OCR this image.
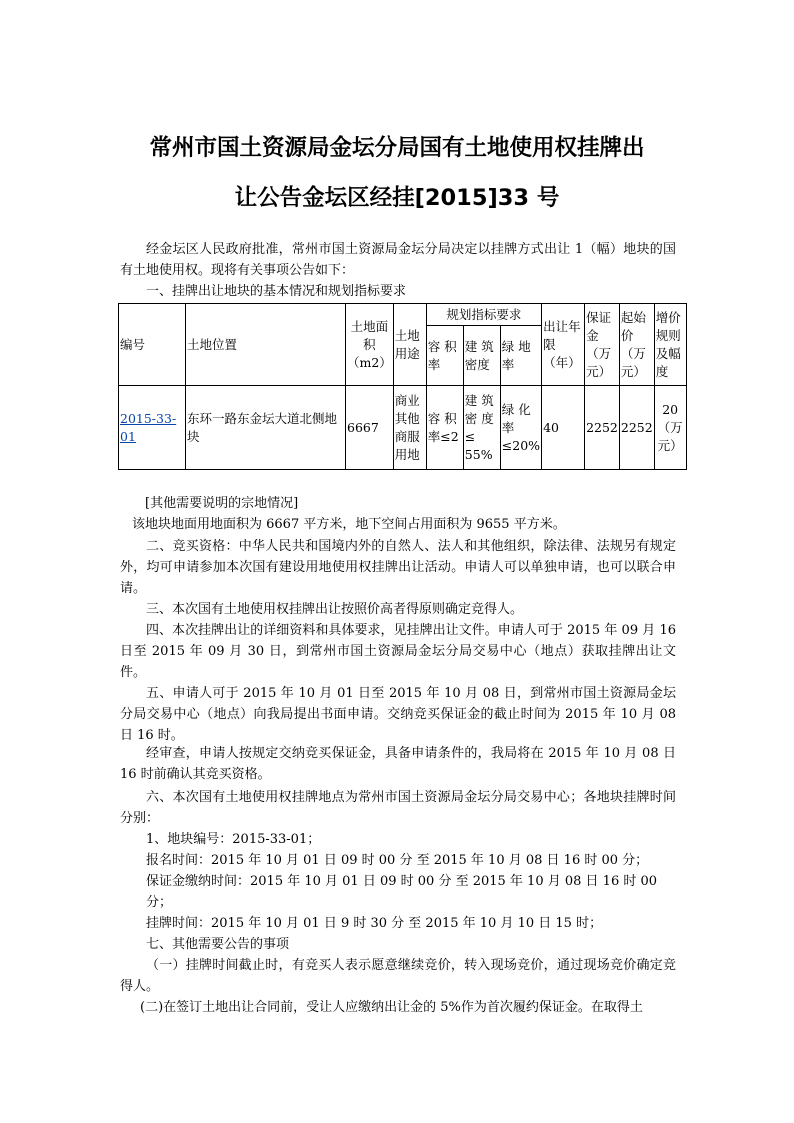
常州市国土资源局金坛分局国有土地使用权挂牌出
让公告金坛区经挂[2015]33 号

经金坛区人民政府批准，常州市国土资源局金坛分局决定以挂牌方式出让 1（幅）地块的国有土地使用权。现将有关事项公告如下：

一、挂牌出让地块的基本情况和规划指标要求

编号	土地位置	土地面积（m2）	土地用途	规划指标要求			出让年限（年）	保证金（万元）	起始价（万元）	增价规则及幅度
				容 积率	建 筑密度	绿 地率				
2015-33-01	东环一路东金坛大道北侧地块	6667	商业其他商服用地	容 积率≤2	建 筑密 度≤ 55%	绿 化率 ≤20%	40	2252	2252	20（万元）

[其他需要说明的宗地情况]

该地块地面用地面积为 6667 平方米，地下空间占用面积为 9655 平方米。

二、竞买资格：中华人民共和国境内外的自然人、法人和其他组织，除法律、法规另有规定外，均可申请参加本次国有建设用地使用权挂牌出让活动。申请人可以单独申请，也可以联合申请。

三、本次国有土地使用权挂牌出让按照价高者得原则确定竞得人。

四、本次挂牌出让的详细资料和具体要求，见挂牌出让文件。申请人可于 2015 年 09 月 16 日至 2015 年 09 月 30 日，到常州市国土资源局金坛分局交易中心（地点）获取挂牌出让文件。

五、申请人可于 2015 年 10 月 01 日至 2015 年 10 月 08 日，到常州市国土资源局金坛分局交易中心（地点）向我局提出书面申请。交纳竞买保证金的截止时间为 2015 年 10 月 08 日 16 时。

经审查，申请人按规定交纳竞买保证金，具备申请条件的，我局将在 2015 年 10 月 08 日 16 时前确认其竞买资格。

六、本次国有土地使用权挂牌地点为常州市国土资源局金坛分局交易中心；各地块挂牌时间分别：

1、地块编号：2015-33-01；

报名时间：2015 年 10 月 01 日 09 时 00 分 至 2015 年 10 月 08 日 16 时 00 分；

保证金缴纳时间：2015 年 10 月 01 日 09 时 00 分 至 2015 年 10 月 08 日 16 时 00

分；

挂牌时间：2015 年 10 月 01 日 9 时 30 分 至 2015 年 10 月 10 日 15 时；

七、其他需要公告的事项

（一）挂牌时间截止时，有竞买人表示愿意继续竞价，转入现场竞价，通过现场竞价确定竞得人。

(二)在签订土地出让合同前，受让人应缴纳出让金的 5%作为首次履约保证金。在取得土
